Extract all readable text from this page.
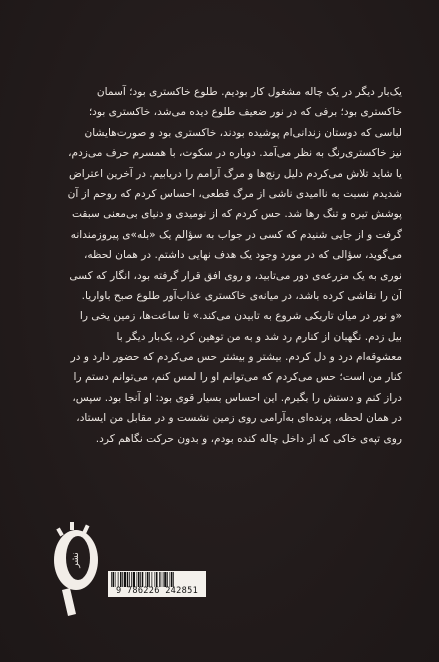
یک‌بار دیگر در یک چاله مشغول کار بودیم. طلوع خاکستری بود؛ آسمان
خاکستری بود؛ برفی که در نور ضعیف طلوع دیده می‌شد، خاکستری بود؛
لباسی که دوستان زندانی‌ام پوشیده بودند، خاکستری بود و صورت‌هایشان
نیز خاکستری‌رنگ به نظر می‌آمد. دوباره در سکوت، با همسرم حرف می‌زدم،
یا شاید تلاش می‌کردم دلیل رنج‌ها و مرگ آرامم را دریابیم. در آخرین اعتراض
شدیدم نسبت به ناامیدی ناشی از مرگ قطعی، احساس کردم که روحم از آن
پوشش تیره و تنگ رها شد. حس کردم که از نومیدی و دنیای بی‌معنی سبقت
گرفت و از جایی شنیدم که کسی در جواب به سؤالم یک «بله»ی پیروزمندانه
می‌گوید، سؤالی که در مورد وجود یک هدف نهایی داشتم. در همان لحظه،
نوری به یک مزرعه‌ی دور می‌تابید، و روی افق قرار گرفته بود، انگار که کسی
آن را نقاشی کرده باشد، در میانه‌ی خاکستری عذاب‌آور طلوع صبح باواریا.
«و نور در میان تاریکی شروع به تابیدن می‌کند.» تا ساعت‌ها، زمین یخی را
بیل زدم. نگهبان از کنارم رد شد و به من توهین کرد، یک‌بار دیگر با
معشوقه‌ام درد و دل کردم. بیشتر و بیشتر حس می‌کردم که حضور دارد و در
کنار من است؛ حس می‌کردم که می‌توانم او را لمس کنم، می‌توانم دستم را
دراز کنم و دستش را بگیرم. این احساس بسیار قوی بود: او آنجا بود. سپس،
در همان لحظه، پرنده‌ای به‌آرامی روی زمین نشست و در مقابل من ایستاد،
روی تپه‌ی خاکی که از داخل چاله کنده بودم، و بدون حرکت نگاهم کرد.
نشر
9 786226 242851
